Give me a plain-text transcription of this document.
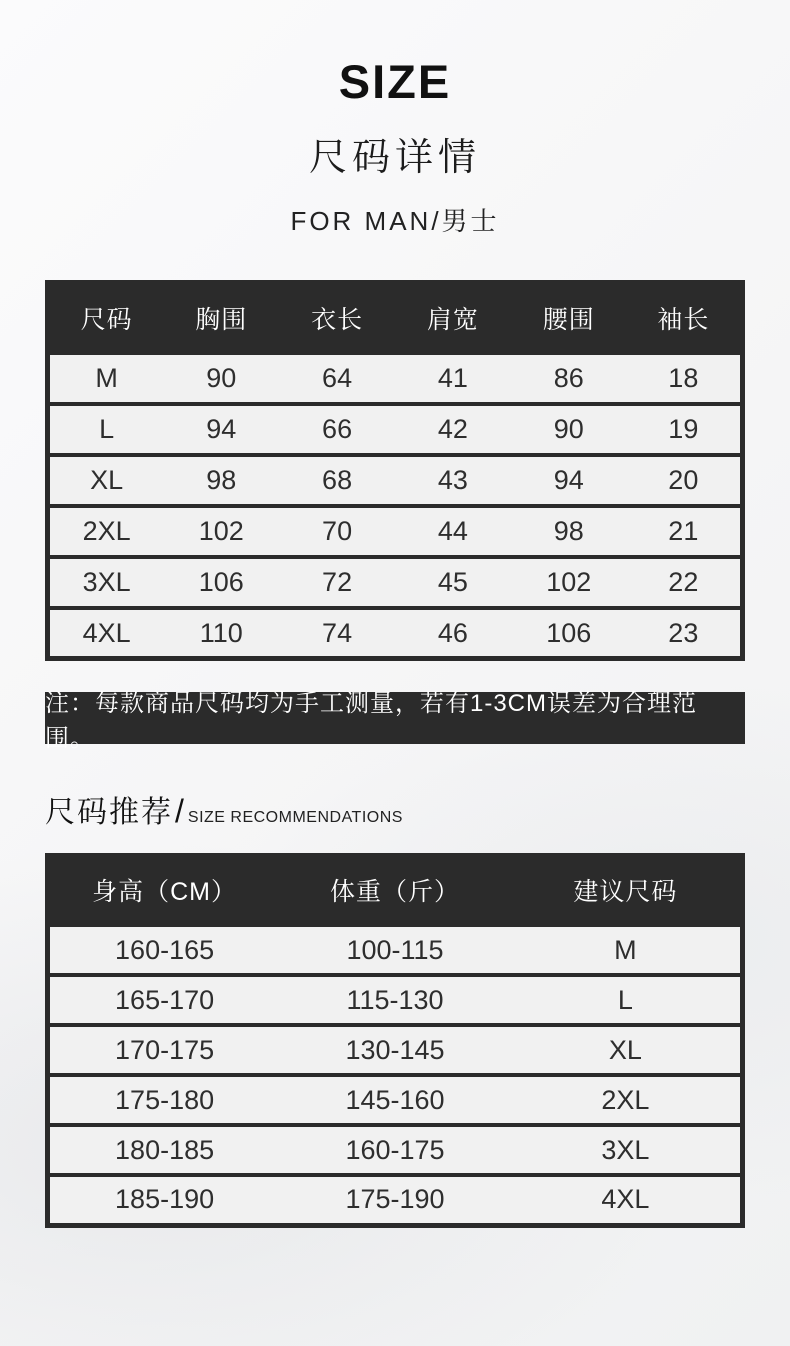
SIZE
尺码详情
FOR MAN/男士
尺码	胸围	衣长	肩宽	腰围	袖长
M	90	64	41	86	18
L	94	66	42	90	19
XL	98	68	43	94	20
2XL	102	70	44	98	21
3XL	106	72	45	102	22
4XL	110	74	46	106	23
注：每款商品尺码均为手工测量，若有1-3CM误差为合理范围。
尺码推荐 / SIZE RECOMMENDATIONS
身高（CM）	体重（斤）	建议尺码
160-165	100-115	M
165-170	115-130	L
170-175	130-145	XL
175-180	145-160	2XL
180-185	160-175	3XL
185-190	175-190	4XL
